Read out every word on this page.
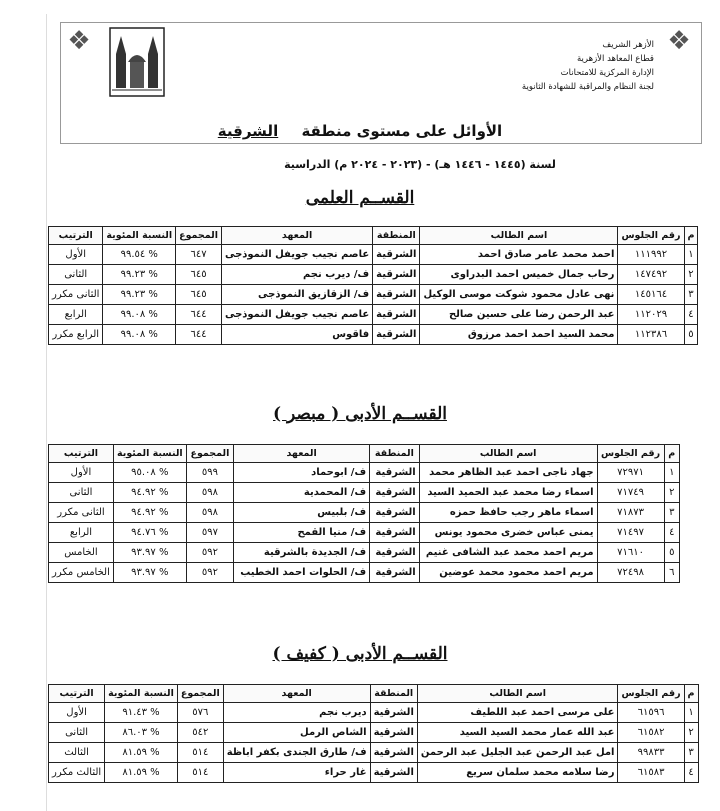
❖	❖
الأزهر الشريف
قطاع المعاهد الأزهرية
الإدارة المركزية للامتحانات
لجنة النظام والمراقبة للشهادة الثانوية
الأوائل على مستوى منطقة الشرقية
لسنة (١٤٤٥ - ١٤٤٦ هـ) - (٢٠٢٣ - ٢٠٢٤ م) الدراسية
القســم العلمى
م	رقم الجلوس	اسم الطالب	المنطقة	المعهد	المجموع	النسبة المئوية	الترتيب
١	١١١٩٩٢	احمد محمد عامر صادق احمد	الشرقية	عاصم نجيب جويفل النموذجى	٦٤٧	% ٩٩.٥٤	الأول
٢	١٤٧٤٩٢	رحاب جمال خميس احمد البدراوى	الشرقية	ف/ ديرب نجم	٦٤٥	% ٩٩.٢٣	الثانى
٣	١٤٥١٦٤	نهى عادل محمود شوكت موسى الوكيل	الشرقية	ف/ الزقازيق النموذجى	٦٤٥	% ٩٩.٢٣	الثانى مكرر
٤	١١٢٠٢٩	عبد الرحمن رضا على حسين صالح	الشرقية	عاصم نجيب جويفل النموذجى	٦٤٤	% ٩٩.٠٨	الرابع
٥	١١٢٣٨٦	محمد السيد احمد احمد مرزوق	الشرقية	فاقوس	٦٤٤	% ٩٩.٠٨	الرابع مكرر
القســم الأدبى ( مبصر )
م	رقم الجلوس	اسم الطالب	المنطقة	المعهد	المجموع	النسبة المئوية	الترتيب
١	٧٢٩٧١	جهاد ناجى احمد عبد الظاهر محمد	الشرقية	ف/ ابوحماد	٥٩٩	% ٩٥.٠٨	الأول
٢	٧١٧٤٩	اسماء رضا محمد عبد الحميد السيد	الشرقية	ف/ المحمدية	٥٩٨	% ٩٤.٩٢	الثانى
٣	٧١٨٧٣	اسماء ماهر رجب حافظ حمزه	الشرقية	ف/ بلبيس	٥٩٨	% ٩٤.٩٢	الثانى مكرر
٤	٧١٤٩٧	يمنى عباس خضرى محمود يونس	الشرقية	ف/ منيا القمح	٥٩٧	% ٩٤.٧٦	الرابع
٥	٧١٦١٠	مريم احمد محمد عبد الشافى غنيم	الشرقية	ف/ الجديدة بالشرقية	٥٩٢	% ٩٣.٩٧	الخامس
٦	٧٢٤٩٨	مريم احمد محمود محمد عوضين	الشرقية	ف/ الحلوات احمد الخطيب	٥٩٢	% ٩٣.٩٧	الخامس مكرر
القســم الأدبى ( كفيف )
م	رقم الجلوس	اسم الطالب	المنطقة	المعهد	المجموع	النسبة المئوية	الترتيب
١	٦١٥٩٦	على مرسى احمد عبد اللطيف	الشرقية	ديرب نجم	٥٧٦	% ٩١.٤٣	الأول
٢	٦١٥٨٢	عبد الله عمار محمد السيد السيد	الشرقية	الشاص الرمل	٥٤٢	% ٨٦.٠٣	الثانى
٣	٩٩٨٣٣	امل عبد الرحمن عبد الجليل عبد الرحمن	الشرقية	ف/ طارق الجندى بكفر اباظة	٥١٤	% ٨١.٥٩	الثالث
٤	٦١٥٨٣	رضا سلامه محمد سلمان سريع	الشرقية	غار حراء	٥١٤	% ٨١.٥٩	الثالث مكرر
